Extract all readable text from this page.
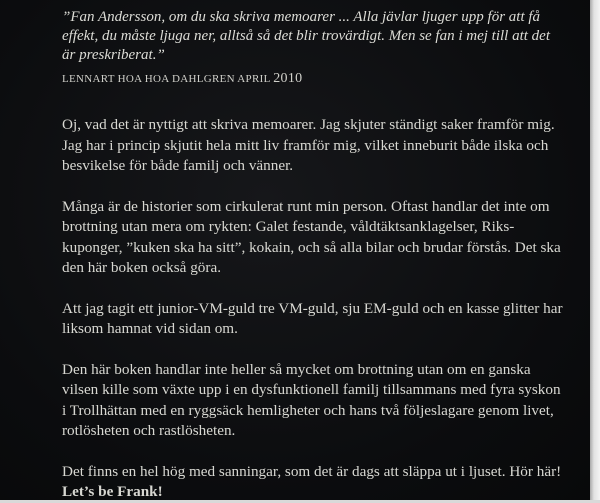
”Fan Andersson, om du ska skriva memoarer ... Alla jävlar ljuger upp för att få effekt, du måste ljuga ner, alltså så det blir trovärdigt. Men se fan i mej till att det är preskriberat.”

LENNART HOA HOA DAHLGREN APRIL 2010

Oj, vad det är nyttigt att skriva memoarer. Jag skjuter ständigt saker framför mig. Jag har i princip skjutit hela mitt liv framför mig, vilket inneburit både ilska och besvikelse för både familj och vänner.

Många är de historier som cirkulerat runt min person. Oftast handlar det inte om brottning utan mera om rykten: Galet festande, våldtäktsanklagelser, Riks-kuponger, ”kuken ska ha sitt”, kokain, och så alla bilar och brudar förstås. Det ska den här boken också göra.

Att jag tagit ett junior-VM-guld tre VM-guld, sju EM-guld och en kasse glitter har liksom hamnat vid sidan om.

Den här boken handlar inte heller så mycket om brottning utan om en ganska vilsen kille som växte upp i en dysfunktionell familj tillsammans med fyra syskon i Trollhättan med en ryggsäck hemligheter och hans två följeslagare genom livet, rotlösheten och rastlösheten.

Det finns en hel hög med sanningar, som det är dags att släppa ut i ljuset. Hör här!
Let’s be Frank!
